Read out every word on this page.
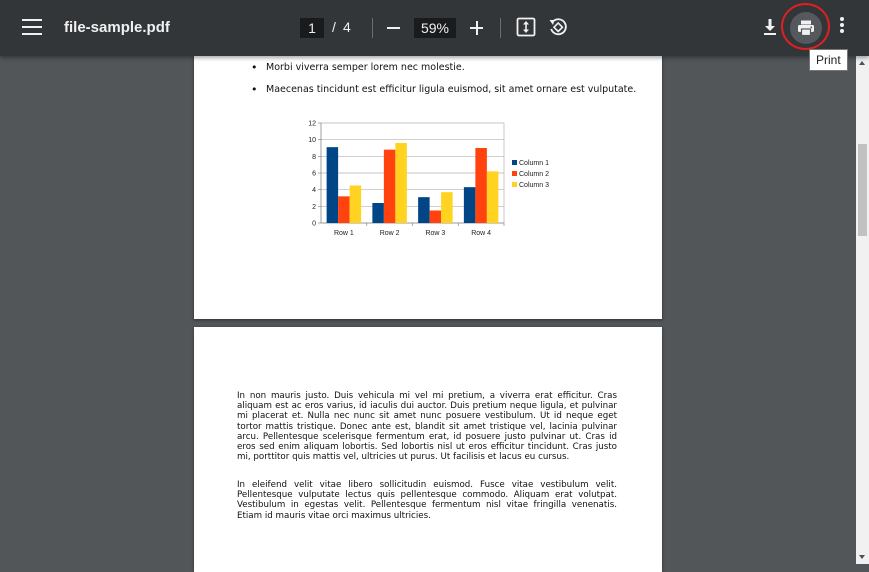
file-sample.pdf
1	/ 4	59%
Print
• Morbi viverra semper lorem nec molestie.
• Maecenas tincidunt est efficitur ligula euismod, sit amet ornare est vulputate.
0
2
4
6
8
10
12
Row 1	Row 2	Row 3	Row 4
Column 1
Column 2
Column 3

In non mauris justo. Duis vehicula mi vel mi pretium, a viverra erat efficitur. Cras aliquam est ac eros varius, id iaculis dui auctor. Duis pretium neque ligula, et pulvinar mi placerat et. Nulla nec nunc sit amet nunc posuere vestibulum. Ut id neque eget tortor mattis tristique. Donec ante est, blandit sit amet tristique vel, lacinia pulvinar arcu. Pellentesque scelerisque fermentum erat, id posuere justo pulvinar ut. Cras id eros sed enim aliquam lobortis. Sed lobortis nisl ut eros efficitur tincidunt. Cras justo mi, porttitor quis mattis vel, ultricies ut purus. Ut facilisis et lacus eu cursus.

In eleifend velit vitae libero sollicitudin euismod. Fusce vitae vestibulum velit. Pellentesque vulputate lectus quis pellentesque commodo. Aliquam erat volutpat. Vestibulum in egestas velit. Pellentesque fermentum nisl vitae fringilla venenatis. Etiam id mauris vitae orci maximus ultricies.
